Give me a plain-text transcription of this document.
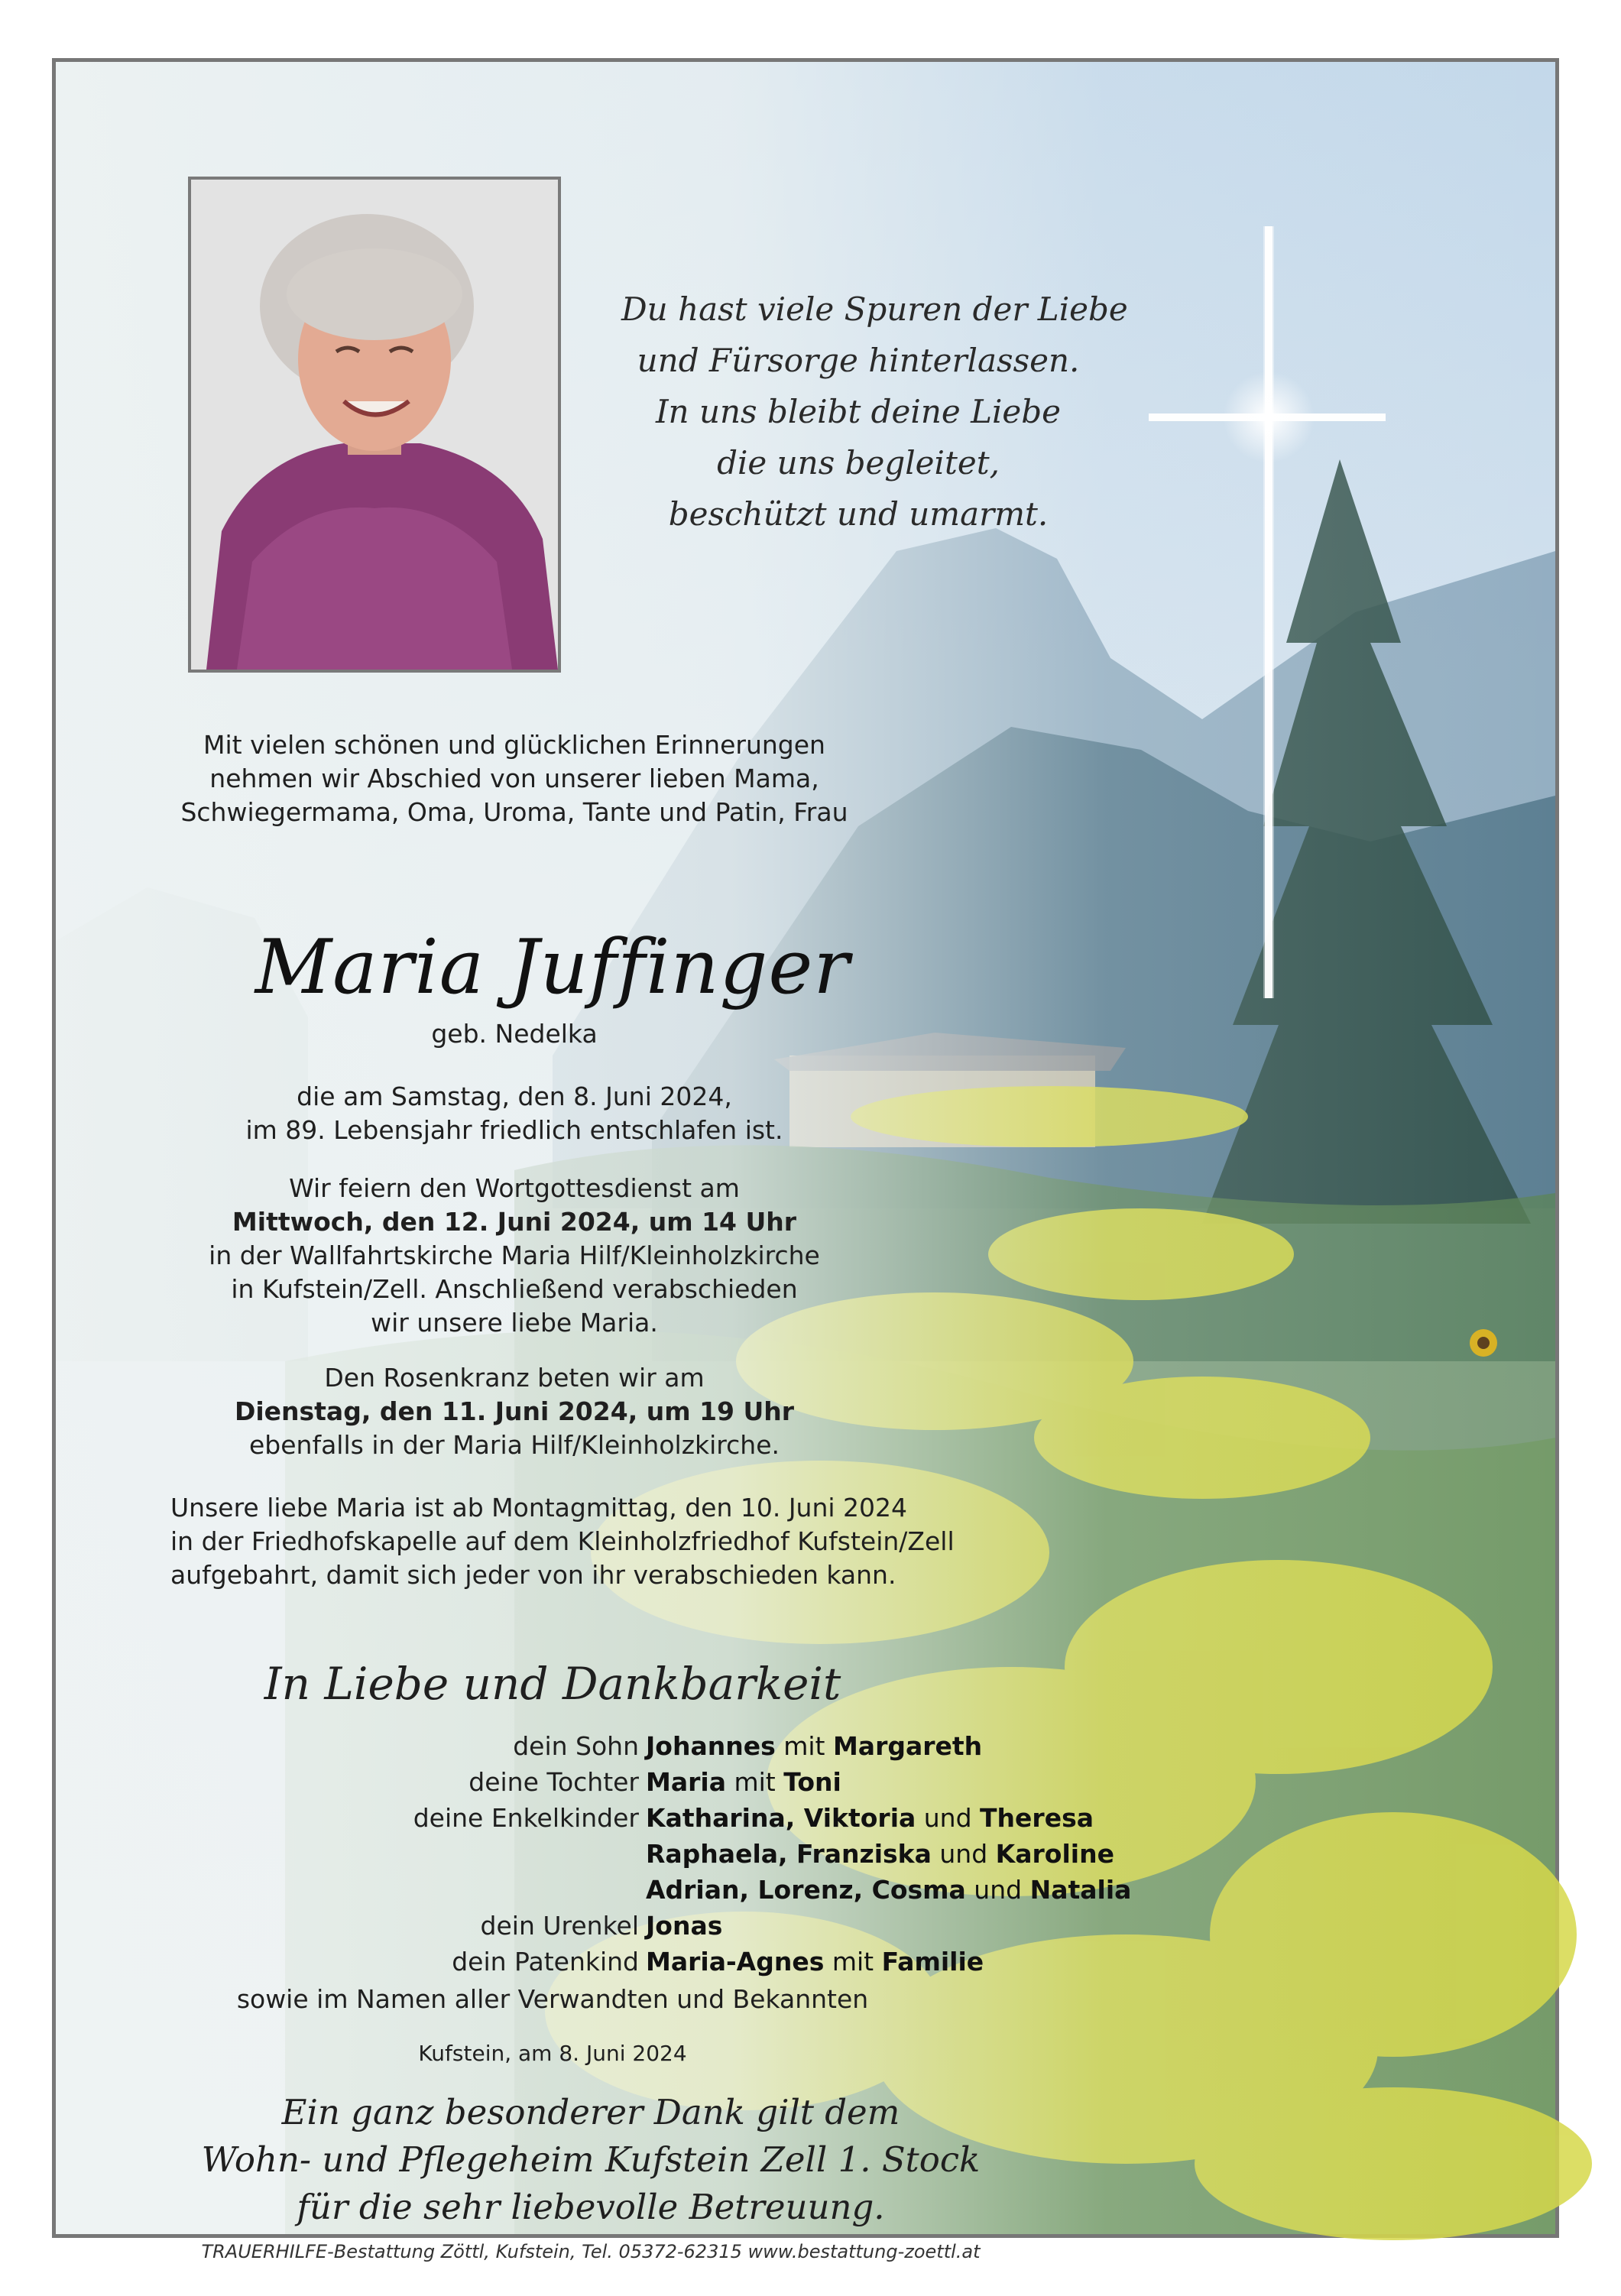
Du hast viele Spuren der Liebe
und Fürsorge hinterlassen.
In uns bleibt deine Liebe
die uns begleitet,
beschützt und umarmt.
Mit vielen schönen und glücklichen Erinnerungen
nehmen wir Abschied von unserer lieben Mama,
Schwiegermama, Oma, Uroma, Tante und Patin, Frau
Maria Juffinger
geb. Nedelka
die am Samstag, den 8. Juni 2024,
im 89. Lebensjahr friedlich entschlafen ist.
Wir feiern den Wortgottesdienst am
Mittwoch, den 12. Juni 2024, um 14 Uhr
in der Wallfahrtskirche Maria Hilf/Kleinholzkirche
in Kufstein/Zell. Anschließend verabschieden
wir unsere liebe Maria.
Den Rosenkranz beten wir am
Dienstag, den 11. Juni 2024, um 19 Uhr
ebenfalls in der Maria Hilf/Kleinholzkirche.
Unsere liebe Maria ist ab Montagmittag, den 10. Juni 2024
in der Friedhofskapelle auf dem Kleinholzfriedhof Kufstein/Zell
aufgebahrt, damit sich jeder von ihr verabschieden kann.
In Liebe und Dankbarkeit
dein Sohn Johannes mit Margareth
deine Tochter Maria mit Toni
deine Enkelkinder Katharina, Viktoria und Theresa
Raphaela, Franziska und Karoline
Adrian, Lorenz, Cosma und Natalia
dein Urenkel Jonas
dein Patenkind Maria-Agnes mit Familie
sowie im Namen aller Verwandten und Bekannten
Kufstein, am 8. Juni 2024
Ein ganz besonderer Dank gilt dem
Wohn- und Pflegeheim Kufstein Zell 1. Stock
für die sehr liebevolle Betreuung.
TRAUERHILFE-Bestattung Zöttl, Kufstein, Tel. 05372-62315 www.bestattung-zoettl.at
